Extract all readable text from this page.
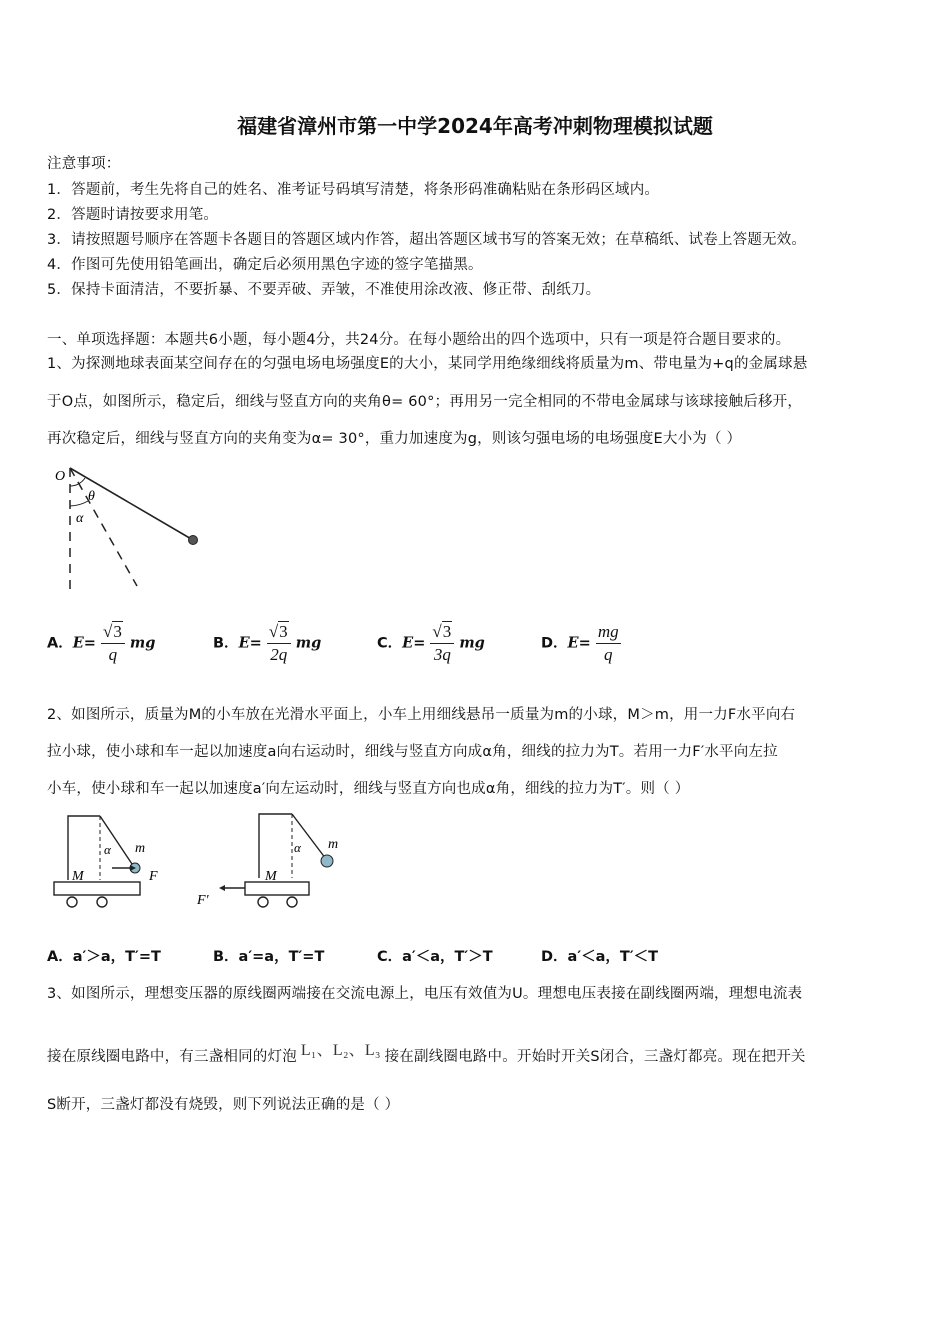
福建省漳州市第一中学2024年高考冲刺物理模拟试题
注意事项：
1．答题前，考生先将自己的姓名、准考证号码填写清楚，将条形码准确粘贴在条形码区域内。
2．答题时请按要求用笔。
3．请按照题号顺序在答题卡各题目的答题区域内作答，超出答题区域书写的答案无效；在草稿纸、试卷上答题无效。
4．作图可先使用铅笔画出，确定后必须用黑色字迹的签字笔描黑。
5．保持卡面清洁，不要折暴、不要弄破、弄皱，不准使用涂改液、修正带、刮纸刀。
一、单项选择题：本题共6小题，每小题4分，共24分。在每小题给出的四个选项中，只有一项是符合题目要求的。
1、为探测地球表面某空间存在的匀强电场电场强度E的大小，某同学用绝缘细线将质量为m、带电量为+q的金属球悬
于O点，如图所示，稳定后，细线与竖直方向的夹角θ= 60°；再用另一完全相同的不带电金属球与该球接触后移开，
再次稳定后，细线与竖直方向的夹角变为α= 30°，重力加速度为g，则该匀强电场的电场强度E大小为（ ）
O
θ
α
A．$E= \frac{√3}{q}$ mg	B．$E= \frac{√3}{2q}$ mg	C．$E= \frac{√3}{3q}$ mg	D．$E= \frac{mg}{q}$
2、如图所示，质量为M的小车放在光滑水平面上，小车上用细线悬吊一质量为m的小球，M＞m，用一力F水平向右
拉小球，使小球和车一起以加速度a向右运动时，细线与竖直方向成α角，细线的拉力为T。若用一力F′水平向左拉
小车，使小球和车一起以加速度a′向左运动时，细线与竖直方向也成α角，细线的拉力为T′。则（ ）
α m
M	F
α m
M
F′
A．a′＞a，T′=T	B．a′=a，T′=T	C．a′＜a，T′＞T	D．a′＜a，T′＜T
3、如图所示，理想变压器的原线圈两端接在交流电源上，电压有效值为U。理想电压表接在副线圈两端，理想电流表
接在原线圈电路中，有三盏相同的灯泡 L₁、L₂、L₃ 接在副线圈电路中。开始时开关S闭合，三盏灯都亮。现在把开关
S断开，三盏灯都没有烧毁，则下列说法正确的是（ ）
